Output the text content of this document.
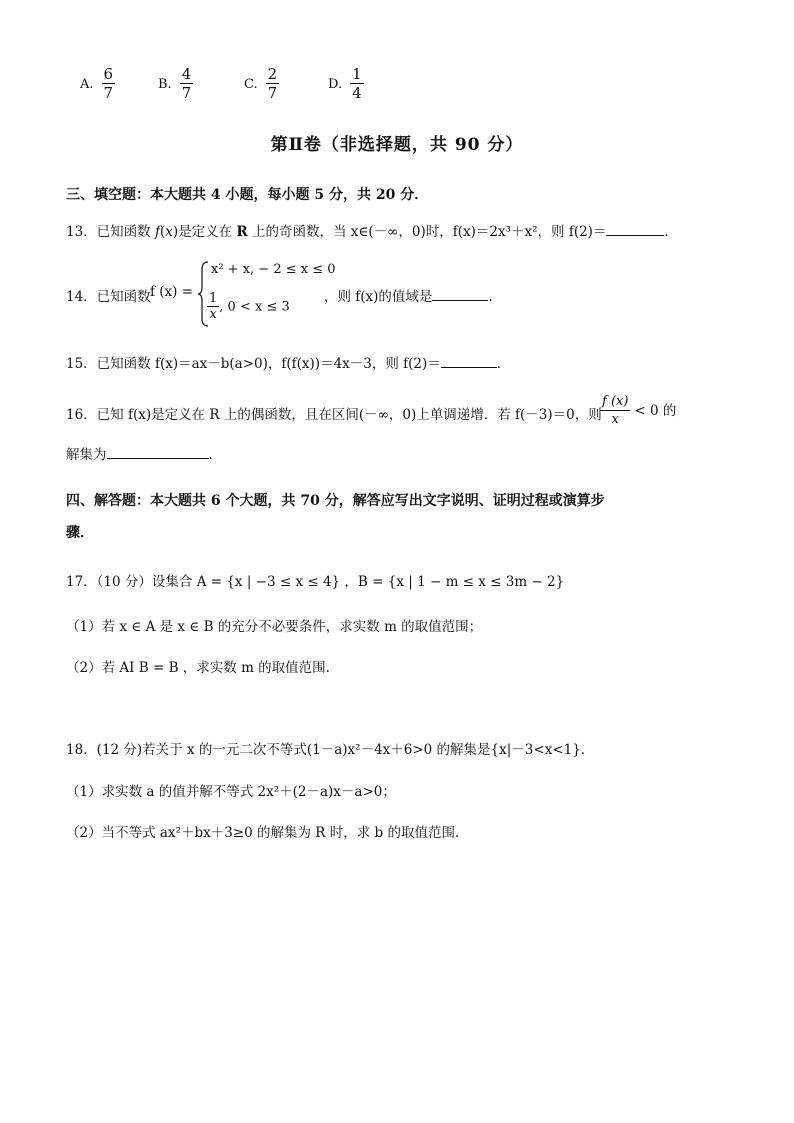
A. $\frac{6}{7}$	B. $\frac{4}{7}$	C. $\frac{2}{7}$	D. $\frac{1}{4}$
第Ⅱ卷（非选择题，共 90 分）
三、填空题：本大题共 4 小题，每小题 5 分，共 20 分．
13．已知函数 f(x)是定义在 R 上的奇函数，当 x∈(－∞，0)时，f(x)＝2x³＋x²，则 f(2)＝	．
14．已知函数 f (x) =
x² + x, − 2 ≤ x ≤ 0
$\frac{1}{x}$ , 0 < x ≤ 3
，则 f(x)的值域是	．
15．已知函数 f(x)＝ax－b(a>0)，f(f(x))＝4x－3，则 f(2)＝	．
16．已知 f(x)是定义在 R 上的偶函数，且在区间(－∞，0)上单调递增．若 f(－3)＝0，则
$\frac{f (x)}{x} < 0$ 的
解集为	．
四、解答题：本大题共 6 个大题，共 70 分，解答应写出文字说明、证明过程或演算步
骤．
17．（10 分）设集合 A = {x | −3 ≤ x ≤ 4} ，B = {x | 1 − m ≤ x ≤ 3m − 2}
（1）若 x ∈ A 是 x ∈ B 的充分不必要条件，求实数 m 的取值范围；
（2）若 AI B = B ，求实数 m 的取值范围.
18．(12 分)若关于 x 的一元二次不等式(1－a)x²－4x＋6>0 的解集是{x|－3<x<1}．
（1）求实数 a 的值并解不等式 2x²＋(2－a)x－a>0；
（2）当不等式 ax²＋bx＋3≥0 的解集为 R 时，求 b 的取值范围．
